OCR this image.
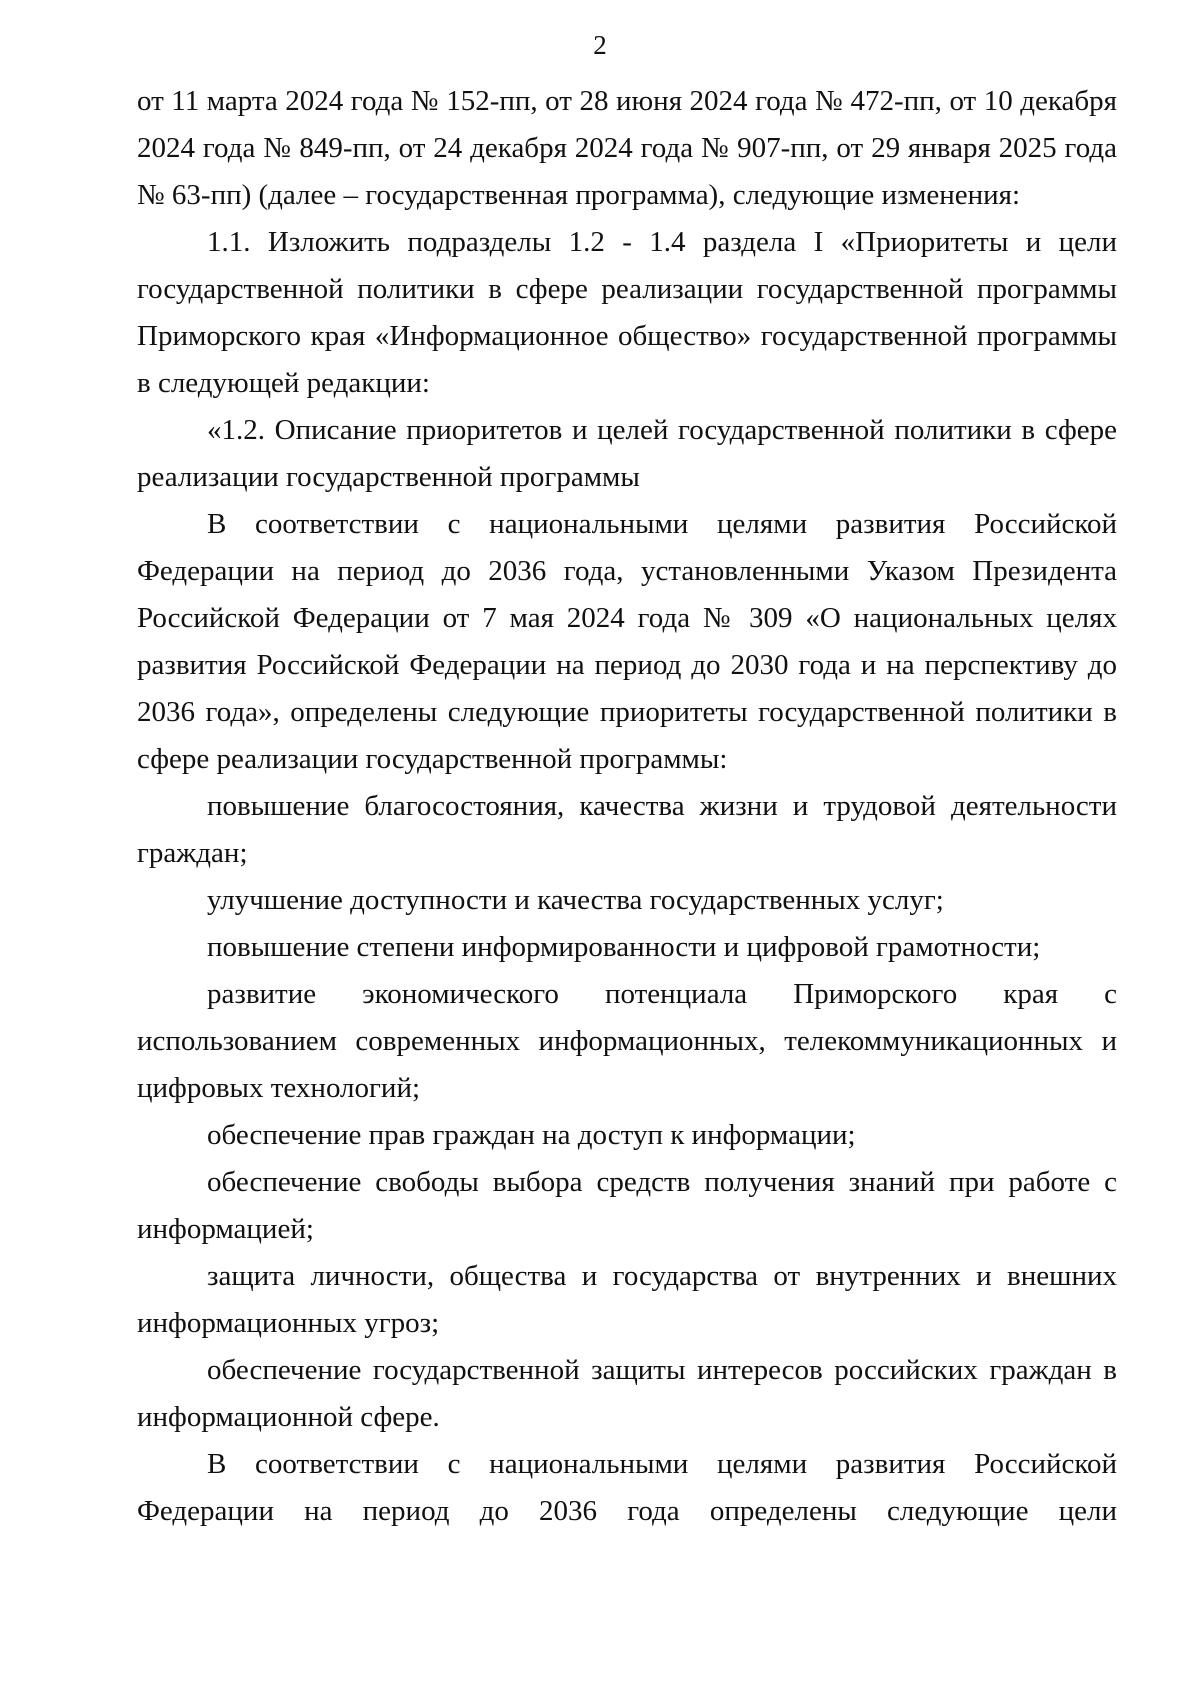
2

от 11 марта 2024 года № 152-пп, от 28 июня 2024 года № 472-пп, от 10 декабря 2024 года № 849-пп, от 24 декабря 2024 года № 907-пп, от 29 января 2025 года № 63-пп) (далее – государственная программа), следующие изменения:

1.1. Изложить подразделы 1.2 - 1.4 раздела I «Приоритеты и цели государственной политики в сфере реализации государственной программы Приморского края «Информационное общество» государственной программы в следующей редакции:

«1.2. Описание приоритетов и целей государственной политики в сфере реализации государственной программы

В соответствии с национальными целями развития Российской Федерации на период до 2036 года, установленными Указом Президента Российской Федерации от 7 мая 2024 года № 309 «О национальных целях развития Российской Федерации на период до 2030 года и на перспективу до 2036 года», определены следующие приоритеты государственной политики в сфере реализации государственной программы:

повышение благосостояния, качества жизни и трудовой деятельности граждан;

улучшение доступности и качества государственных услуг;

повышение степени информированности и цифровой грамотности;

развитие экономического потенциала Приморского края с использованием современных информационных, телекоммуникационных и цифровых технологий;

обеспечение прав граждан на доступ к информации;

обеспечение свободы выбора средств получения знаний при работе с информацией;

защита личности, общества и государства от внутренних и внешних информационных угроз;

обеспечение государственной защиты интересов российских граждан в информационной сфере.

В соответствии с национальными целями развития Российской Федерации на период до 2036 года определены следующие цели
